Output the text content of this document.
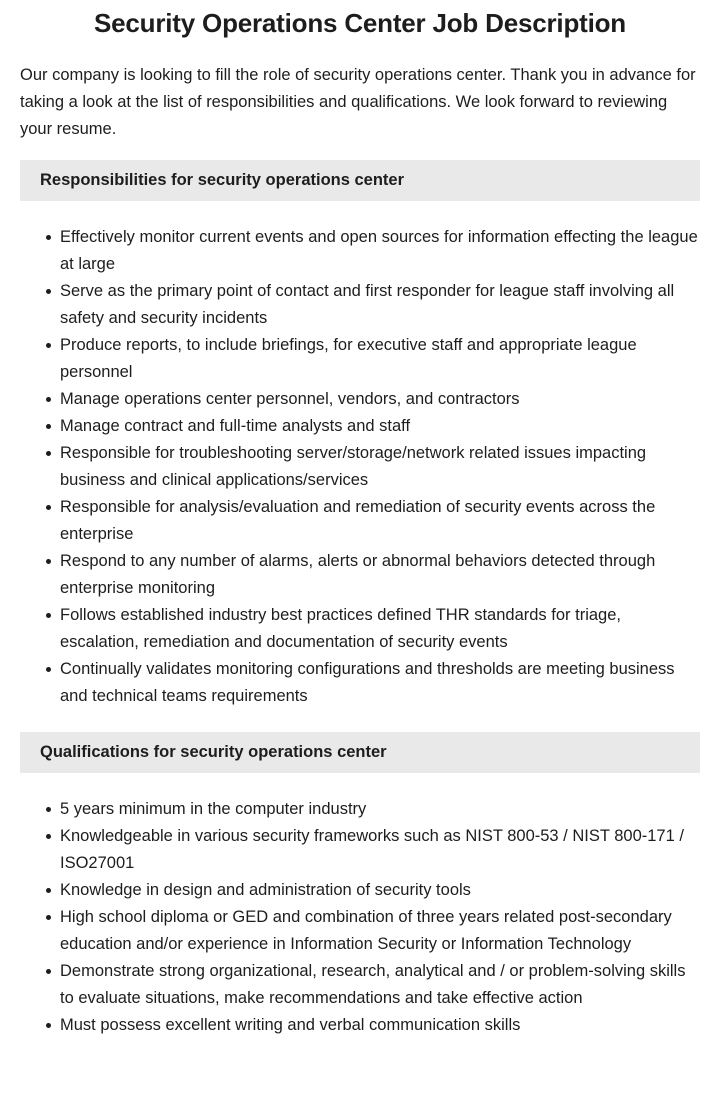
Security Operations Center Job Description

Our company is looking to fill the role of security operations center. Thank you in advance for taking a look at the list of responsibilities and qualifications. We look forward to reviewing your resume.

Responsibilities for security operations center
Effectively monitor current events and open sources for information effecting the league at large
Serve as the primary point of contact and first responder for league staff involving all safety and security incidents
Produce reports, to include briefings, for executive staff and appropriate league personnel
Manage operations center personnel, vendors, and contractors
Manage contract and full-time analysts and staff
Responsible for troubleshooting server/storage/network related issues impacting business and clinical applications/services
Responsible for analysis/evaluation and remediation of security events across the enterprise
Respond to any number of alarms, alerts or abnormal behaviors detected through enterprise monitoring
Follows established industry best practices defined THR standards for triage, escalation, remediation and documentation of security events
Continually validates monitoring configurations and thresholds are meeting business and technical teams requirements
Qualifications for security operations center
5 years minimum in the computer industry
Knowledgeable in various security frameworks such as NIST 800-53 / NIST 800-171 / ISO27001
Knowledge in design and administration of security tools
High school diploma or GED and combination of three years related post-secondary education and/or experience in Information Security or Information Technology
Demonstrate strong organizational, research, analytical and / or problem-solving skills to evaluate situations, make recommendations and take effective action
Must possess excellent writing and verbal communication skills
